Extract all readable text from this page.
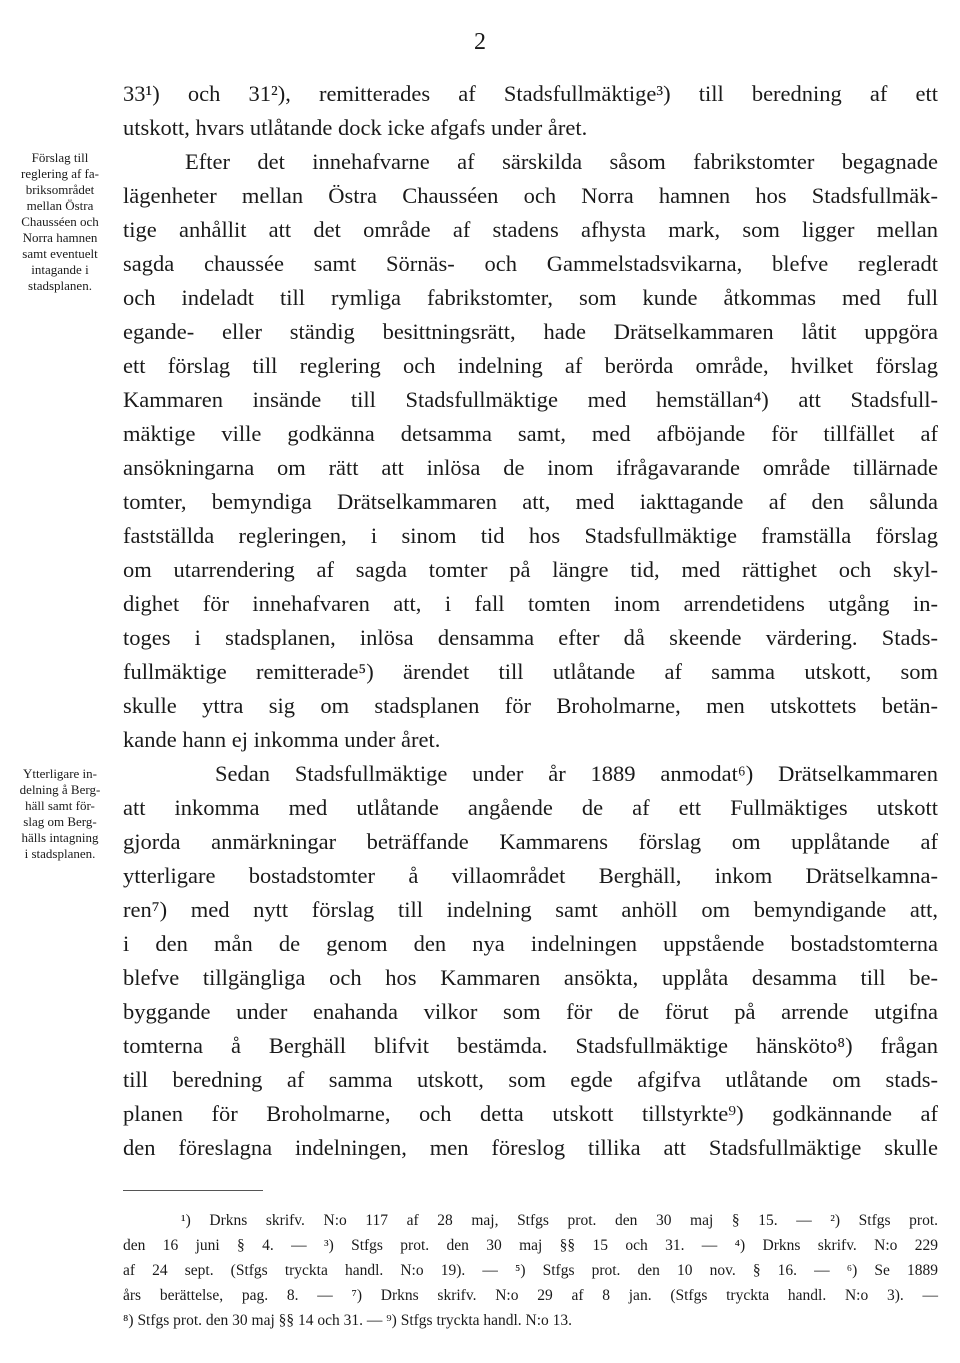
2
33¹) och 31²), remitterades af Stadsfullmäktige³) till beredning af ett
utskott, hvars utlåtande dock icke afgafs under året.
Efter det innehafvarne af särskilda såsom fabrikstomter begagnade
lägenheter mellan Östra Chausséen och Norra hamnen hos Stadsfullmäk-
tige anhållit att det område af stadens afhysta mark, som ligger mellan
sagda chaussée samt Sörnäs- och Gammelstadsvikarna, blefve regleradt
och indeladt till rymliga fabrikstomter, som kunde åtkommas med full
egande- eller ständig besittningsrätt, hade Drätselkammaren låtit uppgöra
ett förslag till reglering och indelning af berörda område, hvilket förslag
Kammaren insände till Stadsfullmäktige med hemställan⁴) att Stadsfull-
mäktige ville godkänna detsamma samt, med afböjande för tillfället af
ansökningarna om rätt att inlösa de inom ifrågavarande område tillärnade
tomter, bemyndiga Drätselkammaren att, med iakttagande af den sålunda
fastställda regleringen, i sinom tid hos Stadsfullmäktige framställa förslag
om utarrendering af sagda tomter på längre tid, med rättighet och skyl-
dighet för innehafvaren att, i fall tomten inom arrendetidens utgång in-
toges i stadsplanen, inlösa densamma efter då skeende värdering. Stads-
fullmäktige remitterade⁵) ärendet till utlåtande af samma utskott, som
skulle yttra sig om stadsplanen för Broholmarne, men utskottets betän-
kande hann ej inkomma under året.
Sedan Stadsfullmäktige under år 1889 anmodat⁶) Drätselkammaren
att inkomma med utlåtande angående de af ett Fullmäktiges utskott
gjorda anmärkningar beträffande Kammarens förslag om upplåtande af
ytterligare bostadstomter å villaområdet Berghäll, inkom Drätselkamna-
ren⁷) med nytt förslag till indelning samt anhöll om bemyndigande att,
i den mån de genom den nya indelningen uppstående bostadstomterna
blefve tillgängliga och hos Kammaren ansökta, upplåta desamma till be-
byggande under enahanda vilkor som för de förut på arrende utgifna
tomterna å Berghäll blifvit bestämda. Stadsfullmäktige hänsköto⁸) frågan
till beredning af samma utskott, som egde afgifva utlåtande om stads-
planen för Broholmarne, och detta utskott tillstyrkte⁹) godkännande af
den föreslagna indelningen, men föreslog tillika att Stadsfullmäktige skulle
Förslag till
reglering af fa-
briksområdet
mellan Östra
Chausséen och
Norra hamnen
samt eventuelt
intagande i
stadsplanen.
Ytterligare in-
delning å Berg-
häll samt för-
slag om Berg-
hälls intagning
i stadsplanen.
¹) Drkns skrifv. N:o 117 af 28 maj, Stfgs prot. den 30 maj § 15. — ²) Stfgs prot.
den 16 juni § 4. — ³) Stfgs prot. den 30 maj §§ 15 och 31. — ⁴) Drkns skrifv. N:o 229
af 24 sept. (Stfgs tryckta handl. N:o 19). — ⁵) Stfgs prot. den 10 nov. § 16. — ⁶) Se 1889
års berättelse, pag. 8. — ⁷) Drkns skrifv. N:o 29 af 8 jan. (Stfgs tryckta handl. N:o 3). —
⁸) Stfgs prot. den 30 maj §§ 14 och 31. — ⁹) Stfgs tryckta handl. N:o 13.
